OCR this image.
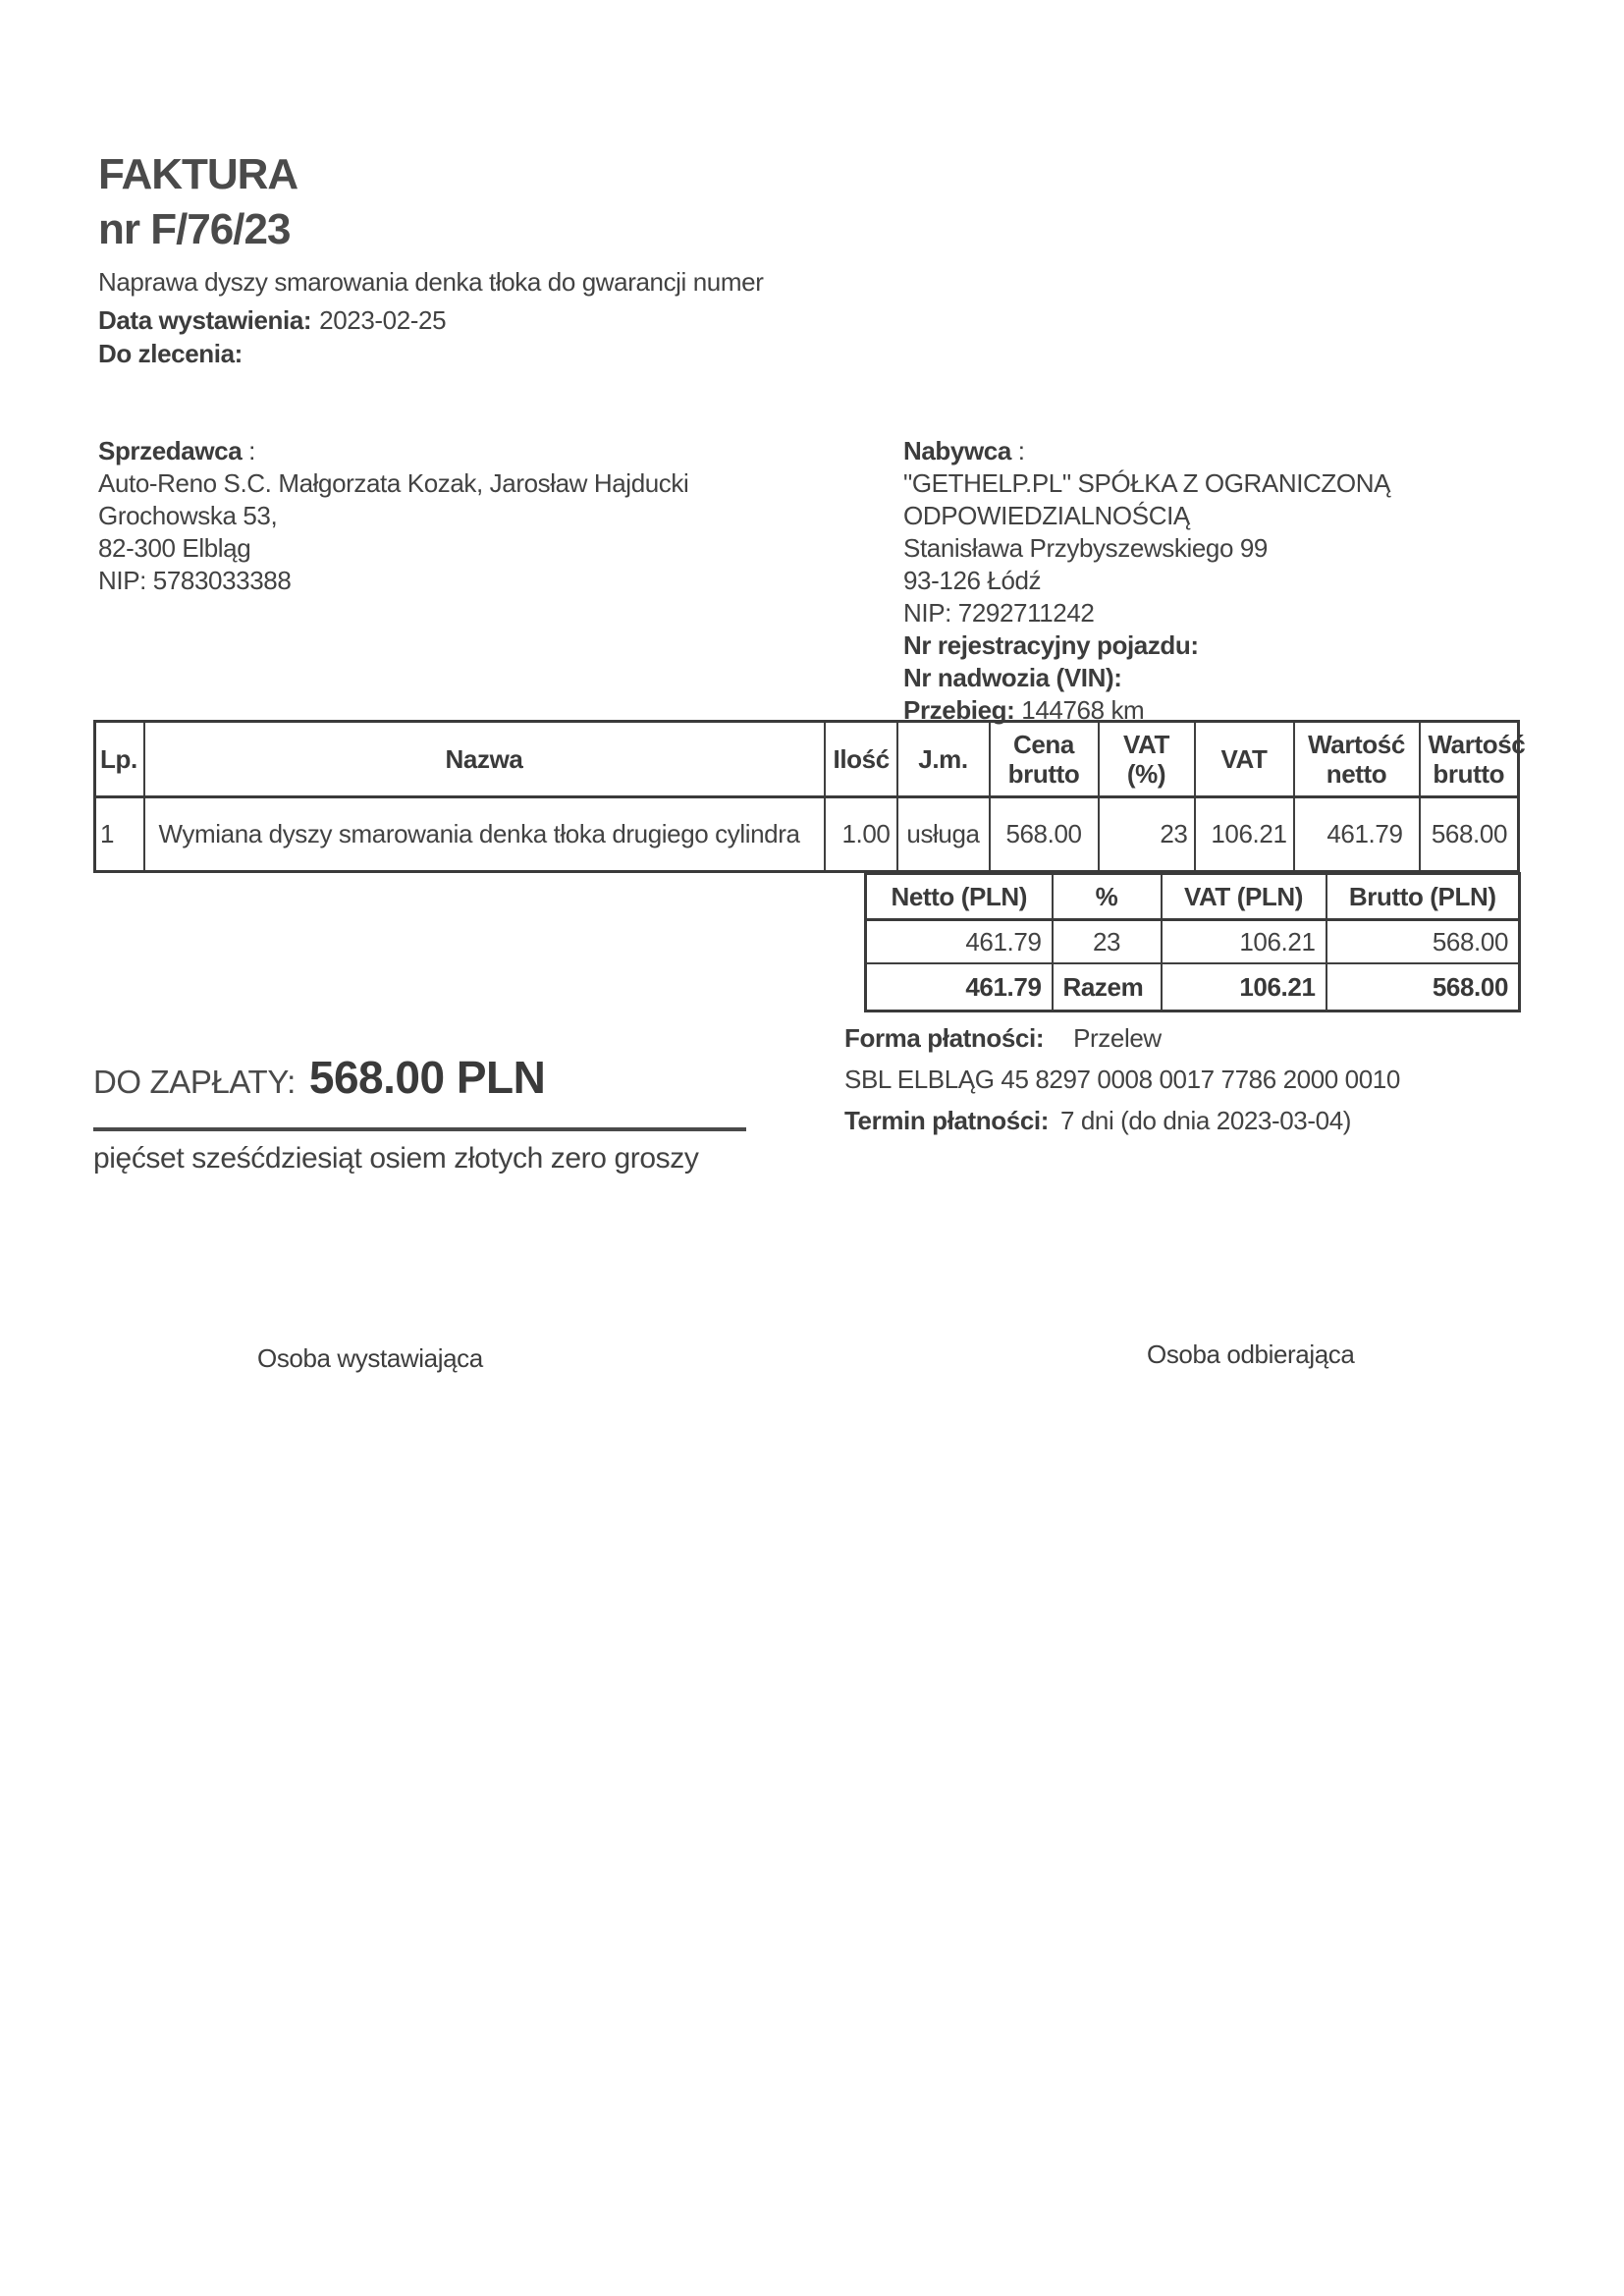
FAKTURA
nr F/76/23
Naprawa dyszy smarowania denka tłoka do gwarancji numer
Data wystawienia: 2023-02-25
Do zlecenia:
Sprzedawca :
Auto-Reno S.C. Małgorzata Kozak, Jarosław Hajducki
Grochowska 53,
82-300 Elbląg
NIP: 5783033388
Nabywca :
"GETHELP.PL" SPÓŁKA Z OGRANICZONĄ
ODPOWIEDZIALNOŚCIĄ
Stanisława Przybyszewskiego 99
93-126 Łódź
NIP: 7292711242
Nr rejestracyjny pojazdu:
Nr nadwozia (VIN):
Przebieg: 144768 km
Lp.	Nazwa	Ilość	J.m.	Cena brutto	VAT (%)	VAT	Wartość netto	Wartość brutto
1	Wymiana dyszy smarowania denka tłoka drugiego cylindra	1.00	usługa	568.00	23	106.21	461.79	568.00
Netto (PLN)	%	VAT (PLN)	Brutto (PLN)
461.79	23	106.21	568.00
461.79	Razem	106.21	568.00
DO ZAPŁATY: 568.00 PLN
pięćset sześćdziesiąt osiem złotych zero groszy
Forma płatności: Przelew
SBL ELBLĄG 45 8297 0008 0017 7786 2000 0010
Termin płatności: 7 dni (do dnia 2023-03-04)
Osoba wystawiająca	Osoba odbierająca
